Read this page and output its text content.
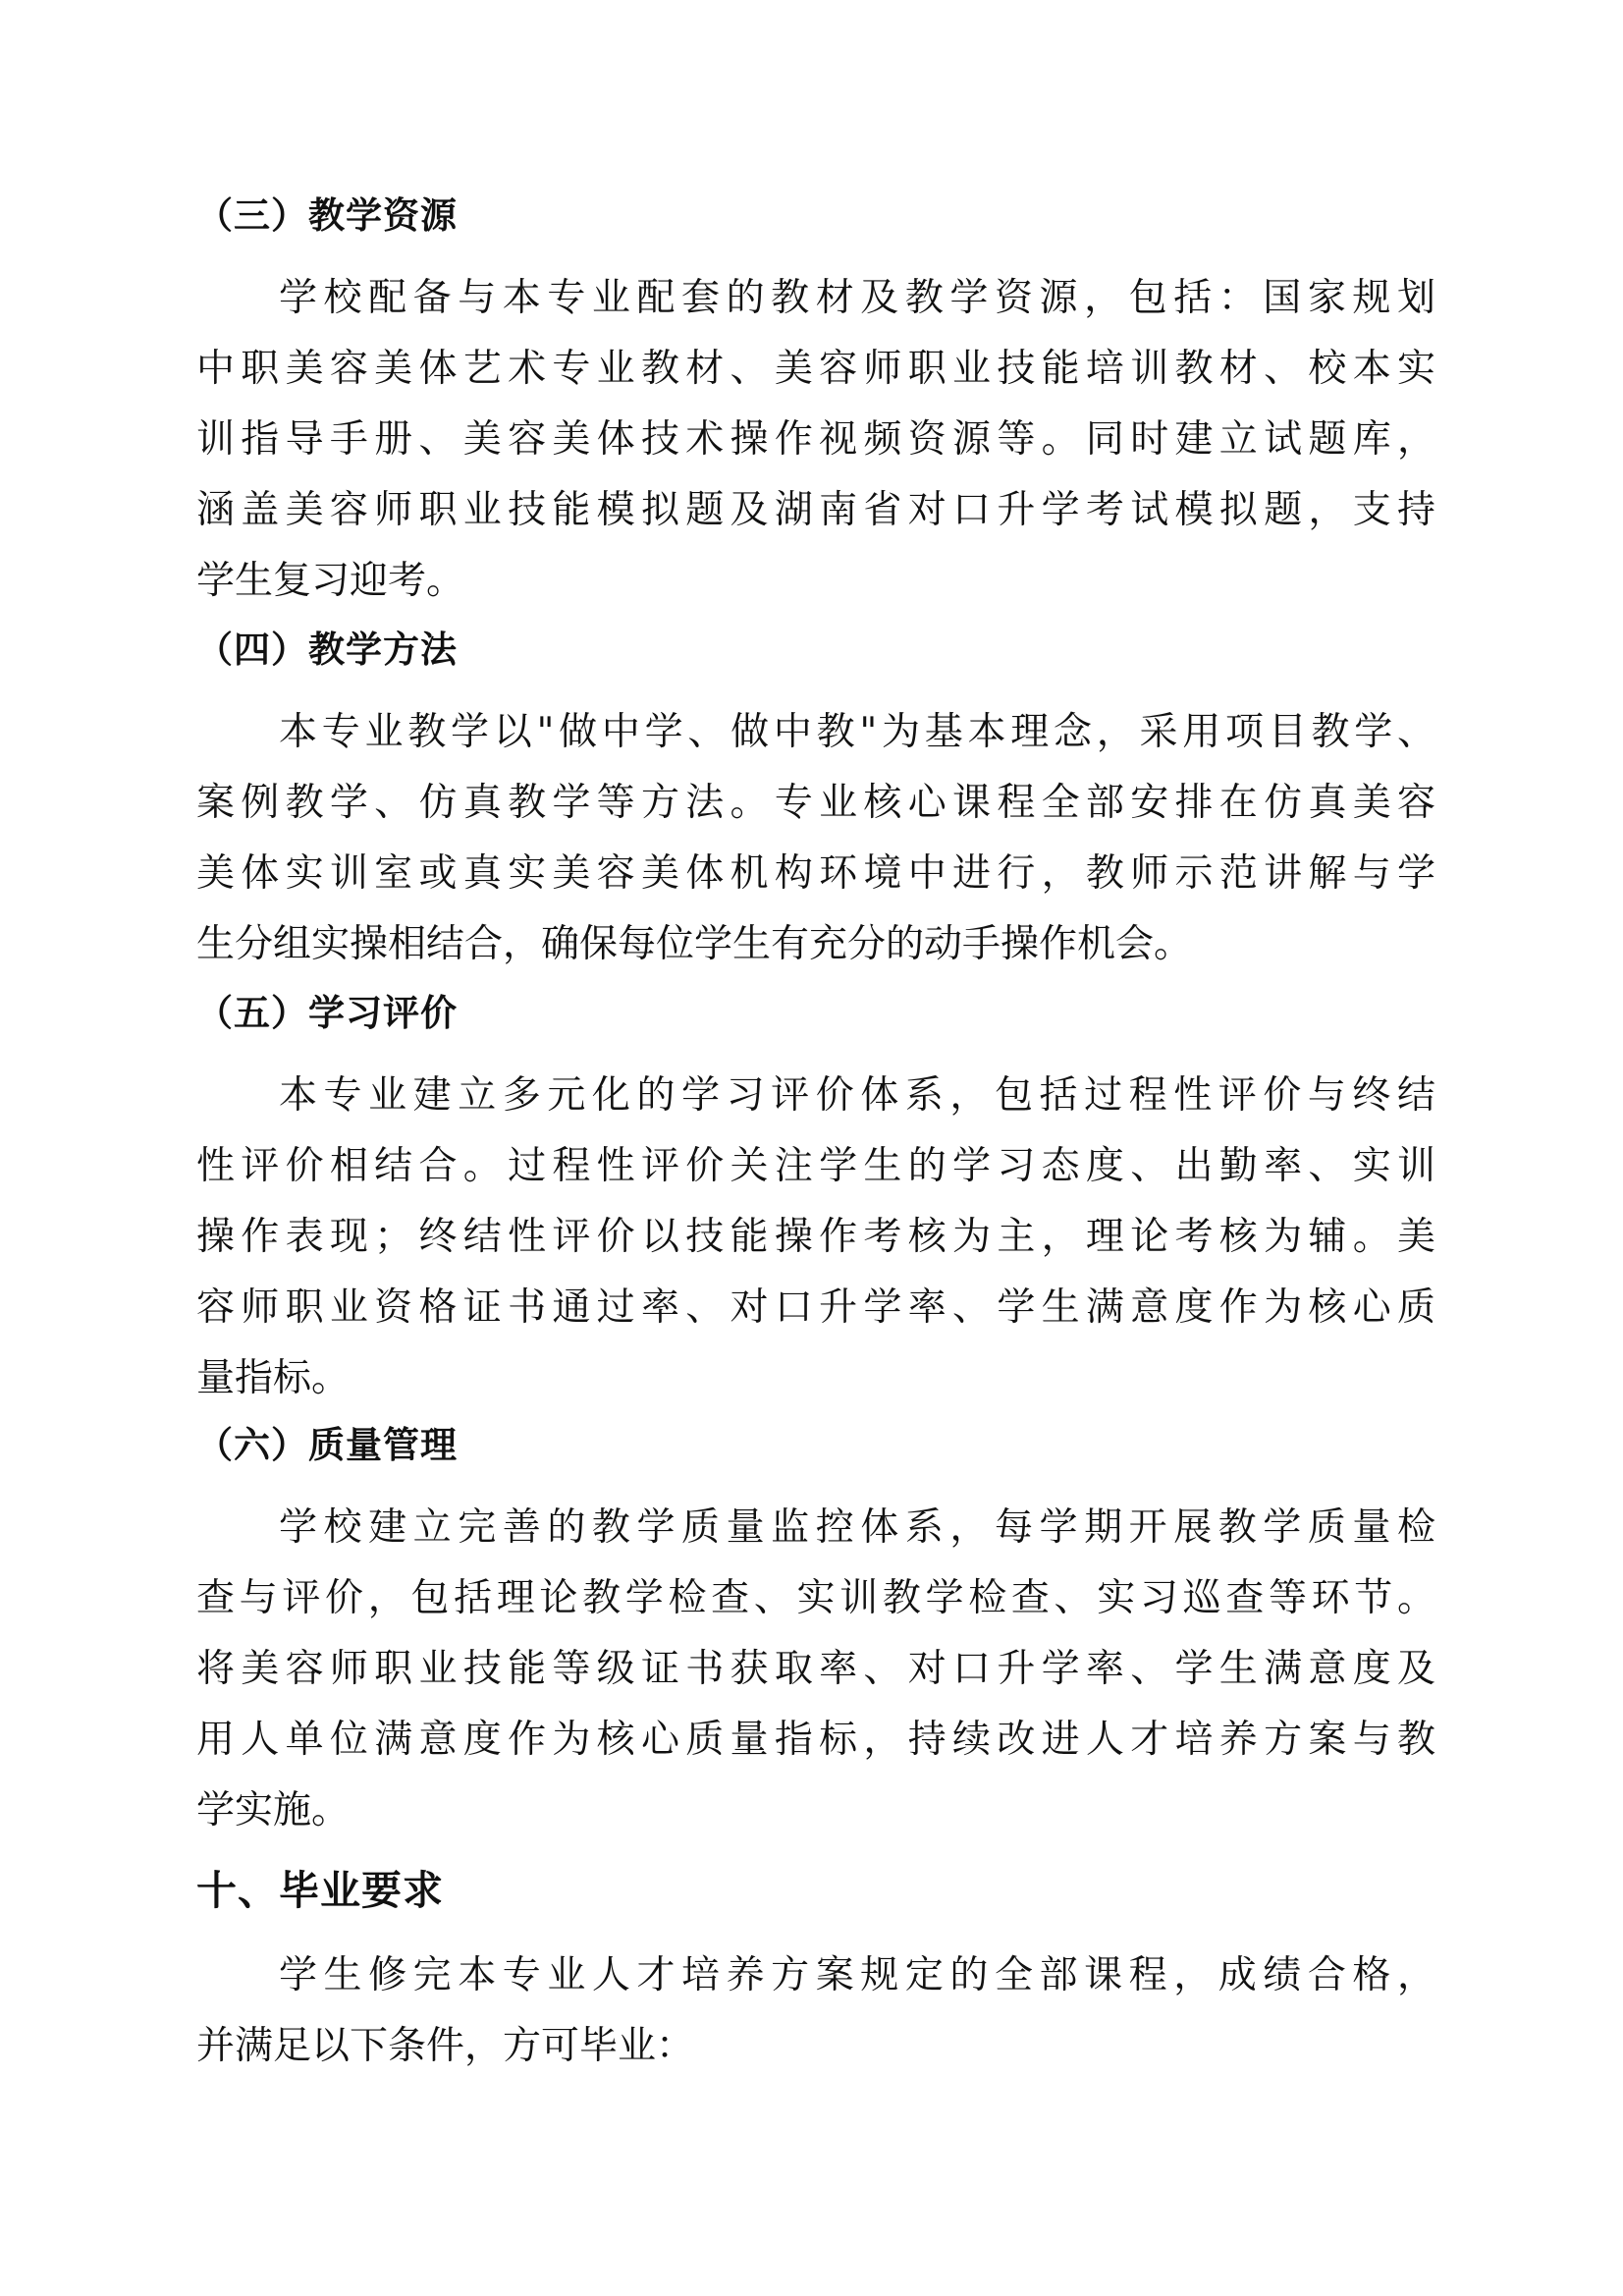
（三）教学资源
学校配备与本专业配套的教材及教学资源，包括：国家规划
中职美容美体艺术专业教材、美容师职业技能培训教材、校本实
训指导手册、美容美体技术操作视频资源等。同时建立试题库，
涵盖美容师职业技能模拟题及湖南省对口升学考试模拟题，支持
学生复习迎考。
（四）教学方法
本专业教学以"做中学、做中教"为基本理念，采用项目教学、
案例教学、仿真教学等方法。专业核心课程全部安排在仿真美容
美体实训室或真实美容美体机构环境中进行，教师示范讲解与学
生分组实操相结合，确保每位学生有充分的动手操作机会。
（五）学习评价
本专业建立多元化的学习评价体系，包括过程性评价与终结
性评价相结合。过程性评价关注学生的学习态度、出勤率、实训
操作表现；终结性评价以技能操作考核为主，理论考核为辅。美
容师职业资格证书通过率、对口升学率、学生满意度作为核心质
量指标。
（六）质量管理
学校建立完善的教学质量监控体系，每学期开展教学质量检
查与评价，包括理论教学检查、实训教学检查、实习巡查等环节。
将美容师职业技能等级证书获取率、对口升学率、学生满意度及
用人单位满意度作为核心质量指标，持续改进人才培养方案与教
学实施。
十、毕业要求
学生修完本专业人才培养方案规定的全部课程，成绩合格，
并满足以下条件，方可毕业：
